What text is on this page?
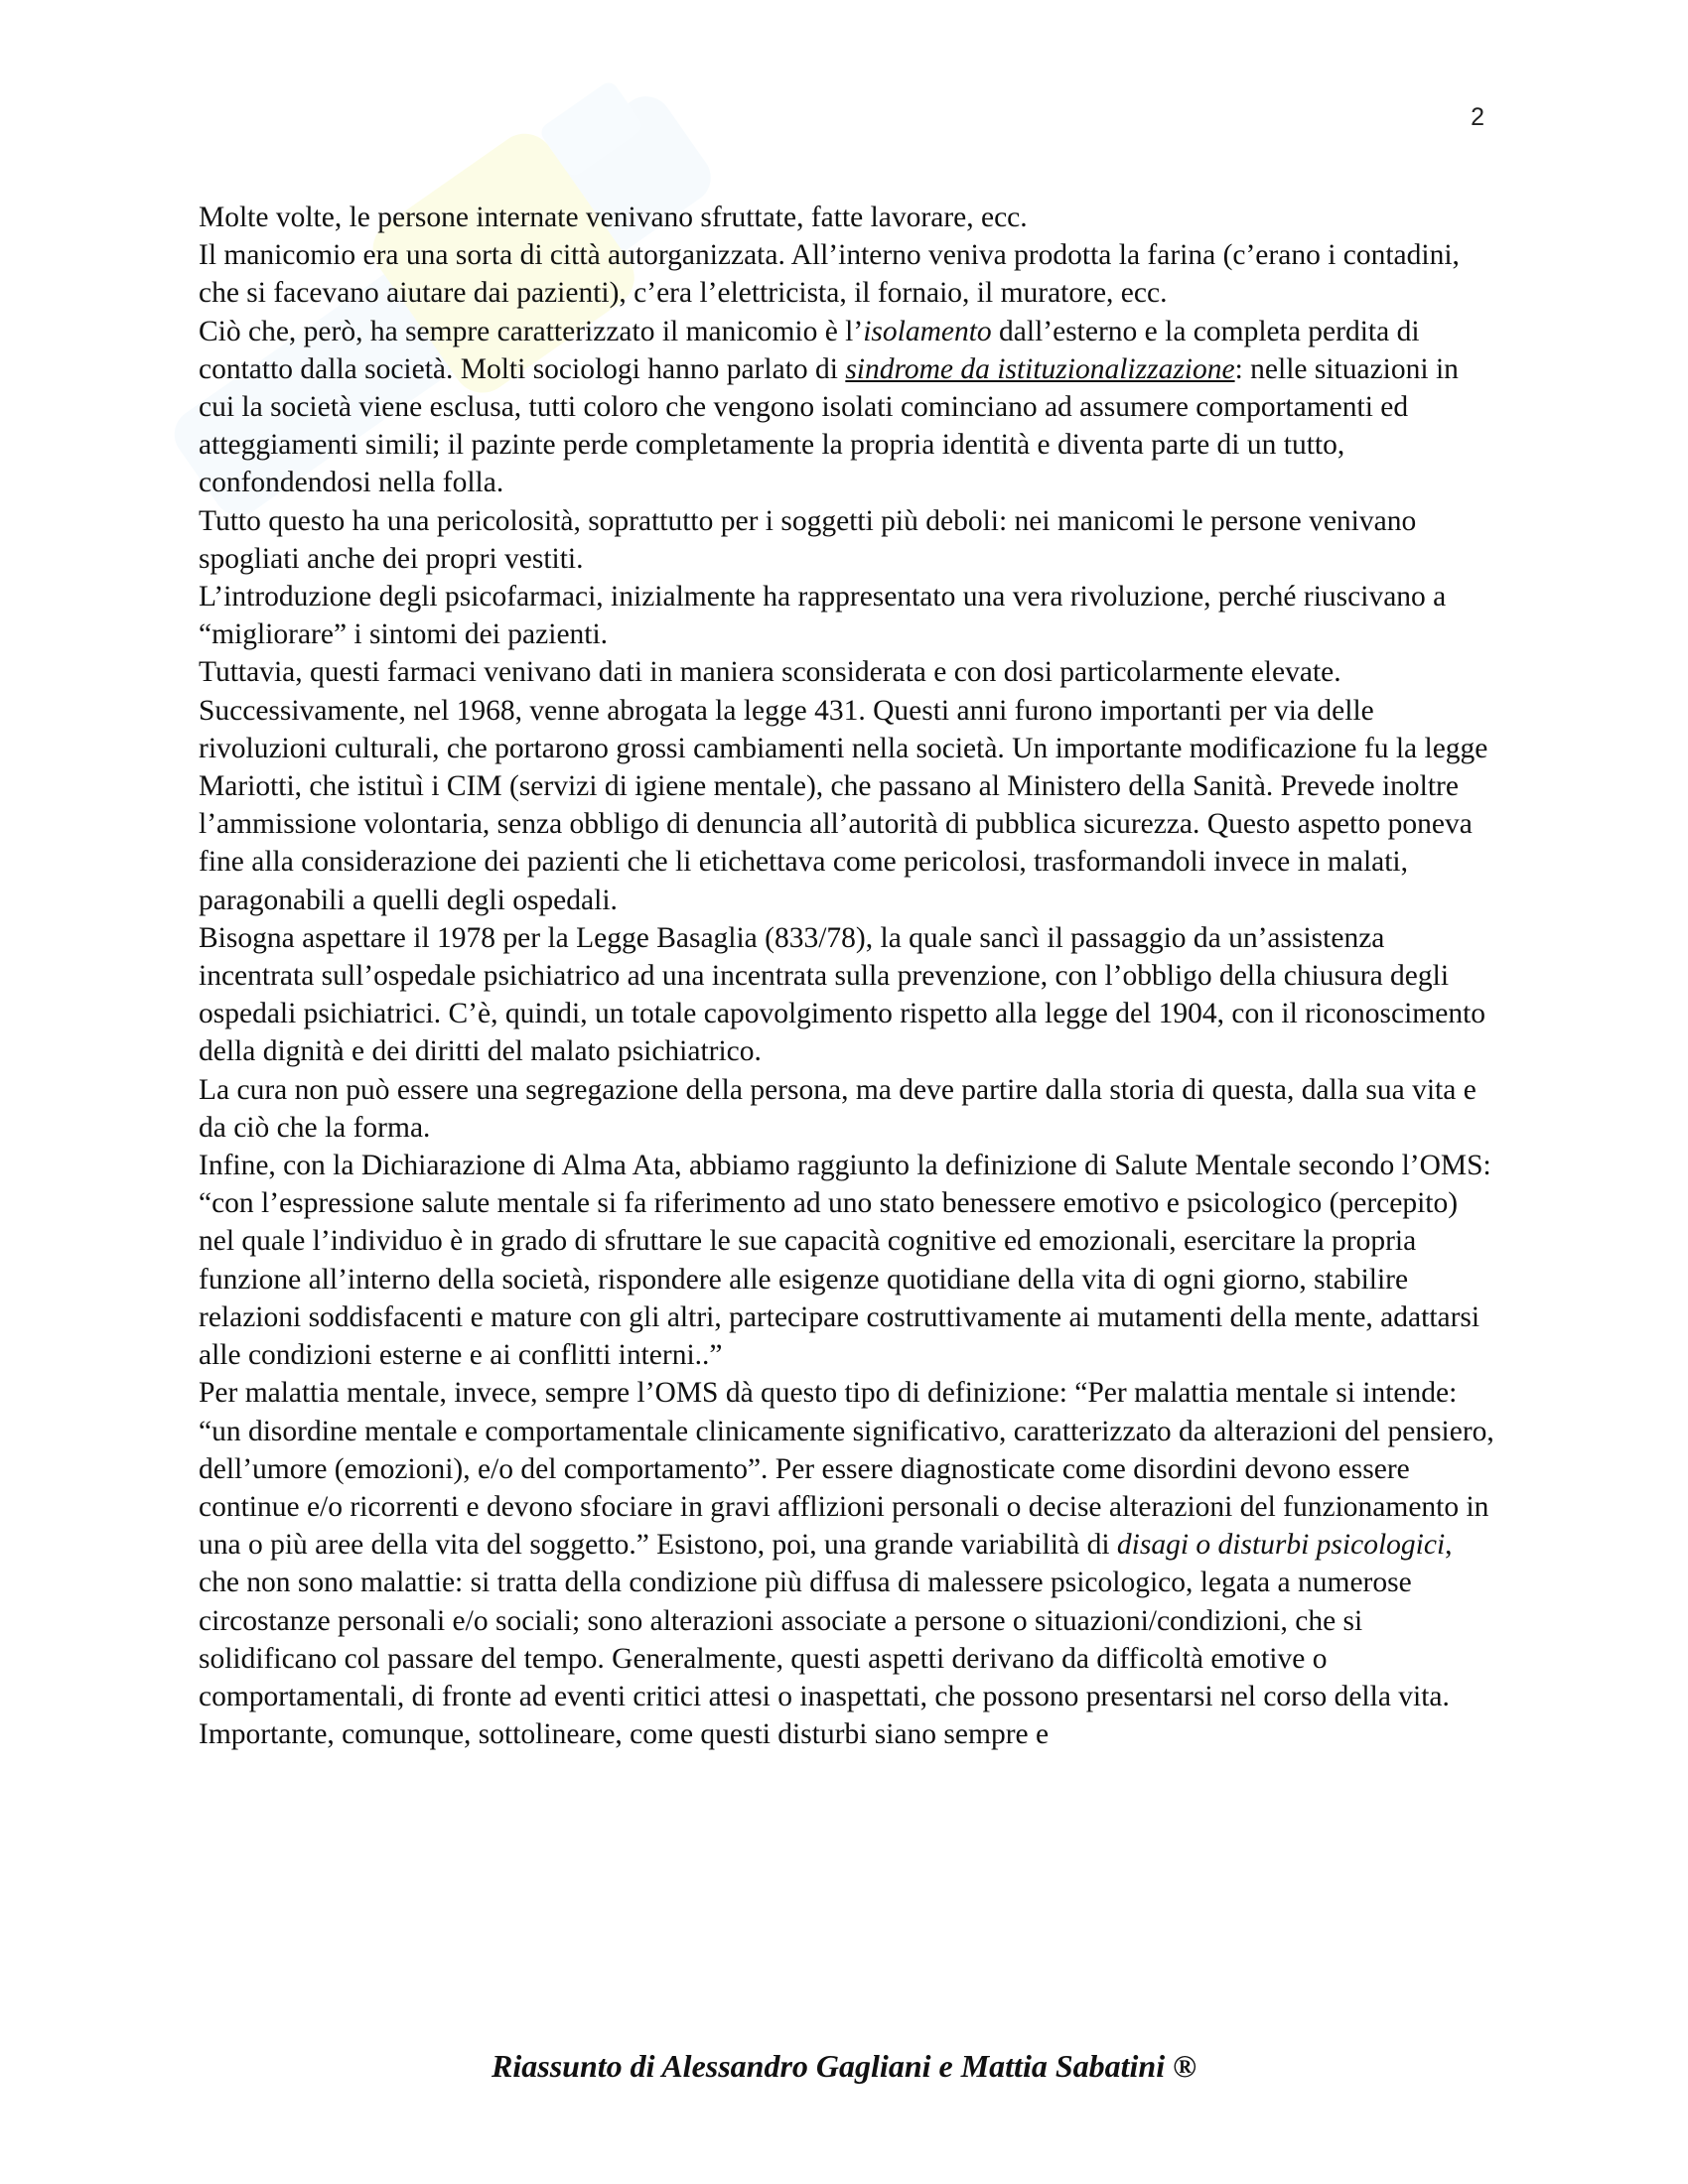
2

Molte volte, le persone internate venivano sfruttate, fatte lavorare, ecc.

Il manicomio era una sorta di città autorganizzata. All’interno veniva prodotta la farina (c’erano i contadini, che si facevano aiutare dai pazienti), c’era l’elettricista, il fornaio, il muratore, ecc.

Ciò che, però, ha sempre caratterizzato il manicomio è l’isolamento dall’esterno e la completa perdita di contatto dalla società. Molti sociologi hanno parlato di sindrome da istituzionalizzazione: nelle situazioni in cui la società viene esclusa, tutti coloro che vengono isolati cominciano ad assumere comportamenti ed atteggiamenti simili; il pazinte perde completamente la propria identità e diventa parte di un tutto, confondendosi nella folla.

Tutto questo ha una pericolosità, soprattutto per i soggetti più deboli: nei manicomi le persone venivano spogliati anche dei propri vestiti.

L’introduzione degli psicofarmaci, inizialmente ha rappresentato una vera rivoluzione, perché riuscivano a “migliorare” i sintomi dei pazienti.

Tuttavia, questi farmaci venivano dati in maniera sconsiderata e con dosi particolarmente elevate.

Successivamente, nel 1968, venne abrogata la legge 431. Questi anni furono importanti per via delle rivoluzioni culturali, che portarono grossi cambiamenti nella società. Un importante modificazione fu la legge Mariotti, che istituì i CIM (servizi di igiene mentale), che passano al Ministero della Sanità. Prevede inoltre l’ammissione volontaria, senza obbligo di denuncia all’autorità di pubblica sicurezza. Questo aspetto poneva fine alla considerazione dei pazienti che li etichettava come pericolosi, trasformandoli invece in malati, paragonabili a quelli degli ospedali.

Bisogna aspettare il 1978 per la Legge Basaglia (833/78), la quale sancì il passaggio da un’assistenza incentrata sull’ospedale psichiatrico ad una incentrata sulla prevenzione, con l’obbligo della chiusura degli ospedali psichiatrici. C’è, quindi, un totale capovolgimento rispetto alla legge del 1904, con il riconoscimento della dignità e dei diritti del malato psichiatrico.

La cura non può essere una segregazione della persona, ma deve partire dalla storia di questa, dalla sua vita e da ciò che la forma.

Infine, con la Dichiarazione di Alma Ata, abbiamo raggiunto la definizione di Salute Mentale secondo l’OMS: “con l’espressione salute mentale si fa riferimento ad uno stato benessere emotivo e psicologico (percepito) nel quale l’individuo è in grado di sfruttare le sue capacità cognitive ed emozionali, esercitare la propria funzione all’interno della società, rispondere alle esigenze quotidiane della vita di ogni giorno, stabilire relazioni soddisfacenti e mature con gli altri, partecipare costruttivamente ai mutamenti della mente, adattarsi alle condizioni esterne e ai conflitti interni..”

Per malattia mentale, invece, sempre l’OMS dà questo tipo di definizione: “Per malattia mentale si intende: “un disordine mentale e comportamentale clinicamente significativo, caratterizzato da alterazioni del pensiero, dell’umore (emozioni), e/o del comportamento”. Per essere diagnosticate come disordini devono essere continue e/o ricorrenti e devono sfociare in gravi afflizioni personali o decise alterazioni del funzionamento in una o più aree della vita del soggetto.” Esistono, poi, una grande variabilità di disagi o disturbi psicologici, che non sono malattie: si tratta della condizione più diffusa di malessere psicologico, legata a numerose circostanze personali e/o sociali; sono alterazioni associate a persone o situazioni/condizioni, che si solidificano col passare del tempo. Generalmente, questi aspetti derivano da difficoltà emotive o comportamentali, di fronte ad eventi critici attesi o inaspettati, che possono presentarsi nel corso della vita. Importante, comunque, sottolineare, come questi disturbi siano sempre e

Riassunto di Alessandro Gagliani e Mattia Sabatini ®
